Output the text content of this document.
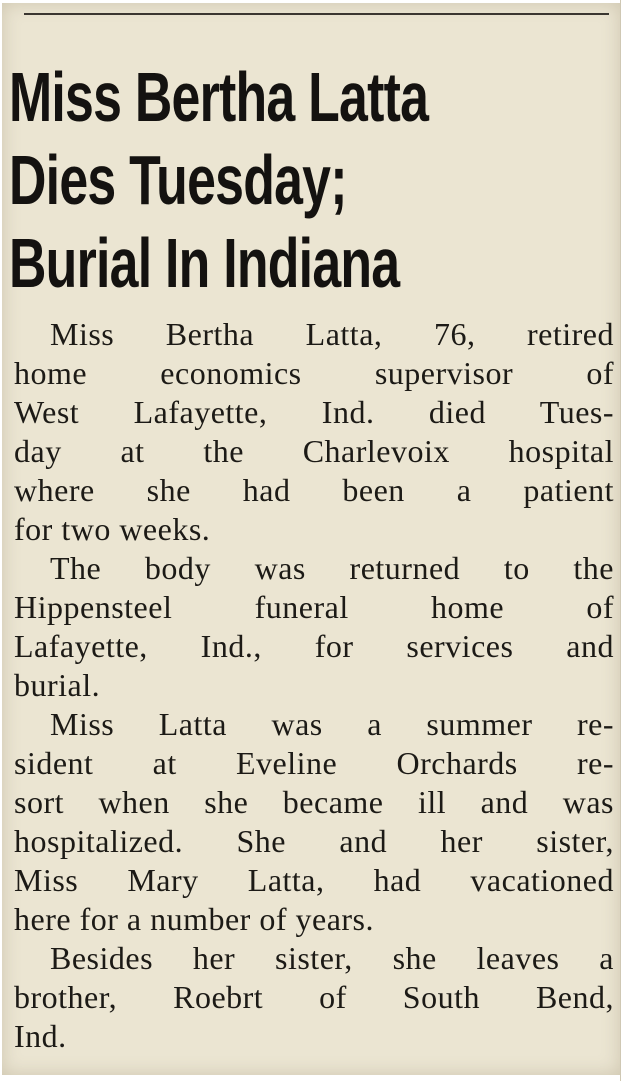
Miss Bertha Latta
Dies Tuesday;
Burial In Indiana
Miss Bertha Latta, 76, retired
home economics supervisor of
West Lafayette, Ind. died Tues-
day at the Charlevoix hospital
where she had been a patient
for two weeks.
The body was returned to the
Hippensteel funeral home of
Lafayette, Ind., for services and
burial.
Miss Latta was a summer re-
sident at Eveline Orchards re-
sort when she became ill and was
hospitalized. She and her sister,
Miss Mary Latta, had vacationed
here for a number of years.
Besides her sister, she leaves a
brother, Roebrt of South Bend,
Ind.
